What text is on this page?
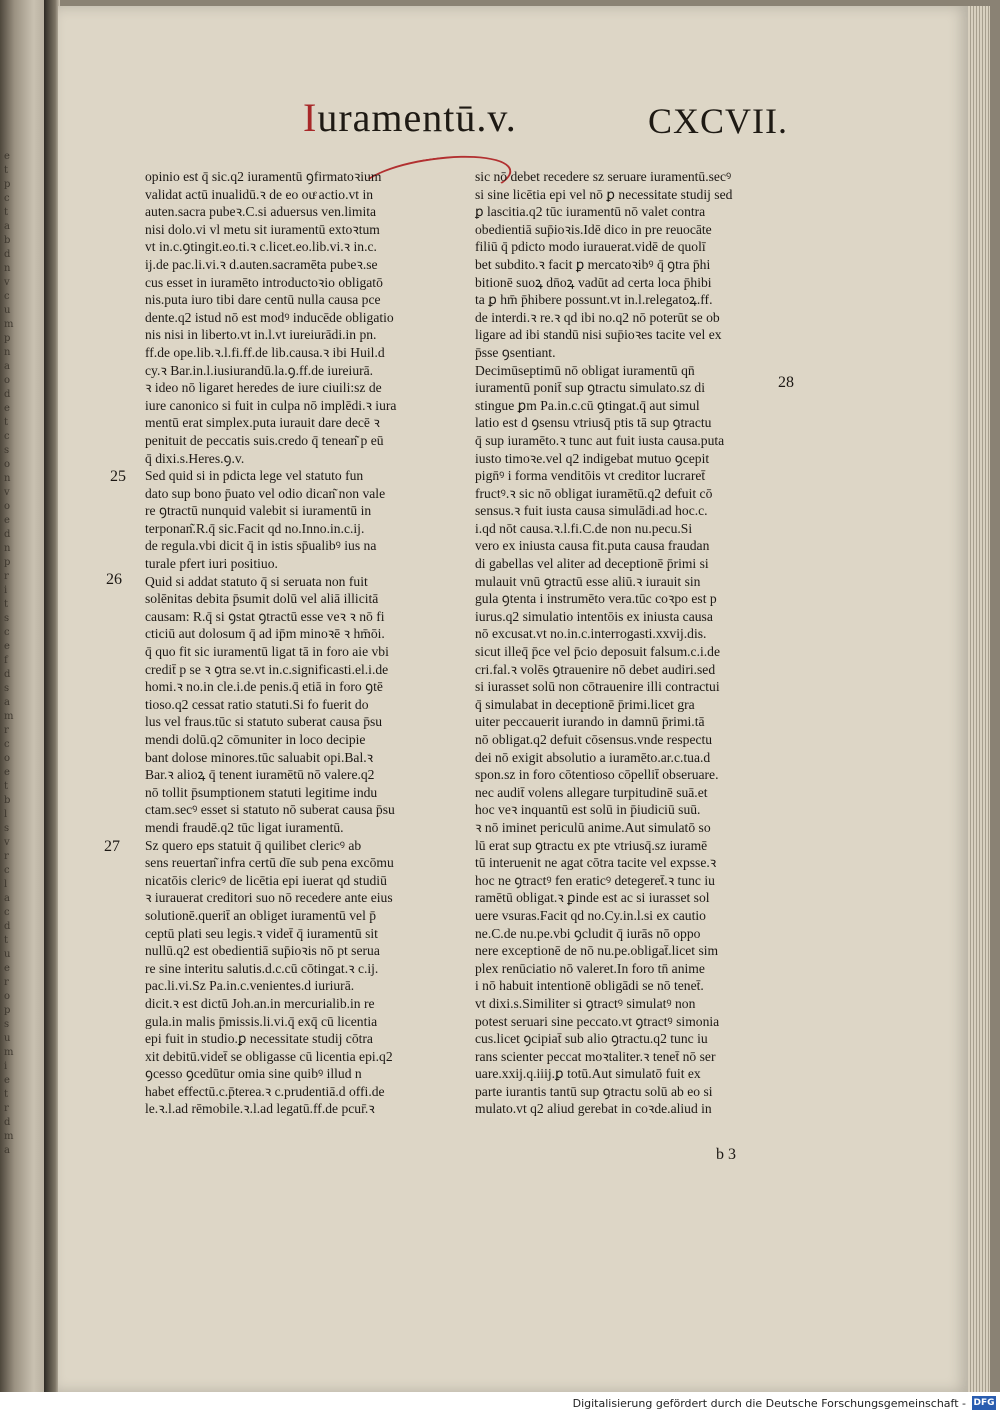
e
t
p
c
t
a
b
d
n
v
c
u
m
p
n
a
o
d
e
t
c
s
o
n
v
o
e
d
n
p
r
i
t
s
c
e
f
d
s
a
m
r
c
o
e
t
b
l
s
v
r
c
l
a
c
d
t
u
e
r
o
p
s
u
m
i
e
t
r
d
m
a
Iuramentū.v.	CXCVII.

opinio est q̄ sic.q2 iuramentū ꝯfirmatoꝛium
validat actū inualidū.ꝛ de eo ouͤ actio.vt in
auten.sacra pubeꝛ.C.si aduersus ven.limita
nisi dolo.vi vl metu sit iuramentū extoꝛtum
vt in.c.ꝯtingit.eo.ti.ꝛ c.licet.eo.lib.vi.ꝛ in.c.
ij.de pac.li.vi.ꝛ d.auten.sacramēta pubeꝛ.se
cus esset in iuramēto introductoꝛio obligatō
nis.puta iuro tibi dare centū nulla causa pce
dente.q2 istud nō est modꝰ inducēde obligatio
nis nisi in liberto.vt in.l.vt iureiurādi.in pn.
ff.de ope.lib.ꝛ.l.fi.ff.de lib.causa.ꝛ ibi Huil.d
cy.ꝛ Bar.in.l.iusiurandū.la.ꝯ.ff.de iureiurā.
ꝛ ideo nō ligaret heredes de iure ciuili:sz de
iure canonico si fuit in culpa nō implēdi.ꝛ iura
mentū erat simplex.puta iurauit dare decē ꝛ
penituit de peccatis suis.credo q̄ tenean͂ p eū
q̄ dixi.s.Heres.ꝯ.v.

Sed quid si in pdicta lege vel statuto fun
dato sup bono p̄uato vel odio dican͂ non vale
re ꝯtractū nunquid valebit si iuramentū in
terponan͂.R.q̄ sic.Facit qd no.Inno.in.c.ij.
de regula.vbi dicit q̄ in istis sp̄ualibꝰ ius na
turale pfert iuri positiuo.

Quid si addat statuto q̄ si seruata non fuit
solēnitas debita p̄sumit dolū vel aliā illicitā
causam: R.q̄ si ꝯstat ꝯtractū esse veꝛ ꝛ nō fi
cticiū aut dolosum q̄ ad ip̄m minoꝛē ꝛ hm̄ōi.
q̄ quo fit sic iuramentū ligat tā in foro aie vbi
credit̄ p se ꝛ ꝯtra se.vt in.c.significasti.el.i.de
homi.ꝛ no.in cle.i.de penis.q̄ etiā in foro ꝯtē
tioso.q2 cessat ratio statuti.Si fo fuerit do
lus vel fraus.tūc si statuto suberat causa p̄su
mendi dolū.q2 cōmuniter in loco decipie
bant dolose minores.tūc saluabit opi.Bal.ꝛ
Bar.ꝛ alioꝝ q̄ tenent iuramētū nō valere.q2
nō tollit p̄sumptionem statuti legitime indu
ctam.secꝰ esset si statuto nō suberat causa p̄su
mendi fraudē.q2 tūc ligat iuramentū.

Sz quero eps statuit q̄ quilibet clericꝰ ab
sens reuertan͂ infra certū dīe sub pena excōmu
nicatōis clericꝰ de licētia epi iuerat qd studiū
ꝛ iurauerat creditori suo nō recedere ante eius
solutionē.querit̄ an obliget iuramentū vel p̄
ceptū plati seu legis.ꝛ videt̄ q̄ iuramentū sit
nullū.q2 est obedientiā sup̄ioꝛis nō pt serua
re sine interitu salutis.d.c.cū cōtingat.ꝛ c.ij.
pac.li.vi.Sz Pa.in.c.venientes.d iuriurā.
dicit.ꝛ est dictū Joh.an.in mercurialib.in re
gula.in malis p̄missis.li.vi.q̄ exq̄ cū licentia
epi fuit in studio.ꝑ necessitate studij cōtra
xit debitū.videt̄ se obligasse cū licentia epi.q2
ꝯcesso ꝯcedūtur omia sine quibꝰ illud n
habet effectū.c.p̄terea.ꝛ c.prudentiā.d offi.de
le.ꝛ.l.ad rēmobile.ꝛ.l.ad legatū.ff.de pcur̄.ꝛ

sic nō debet recedere sz seruare iuramentū.secꝰ
si sine licētia epi vel nō ꝑ necessitate studij sed
ꝑ lascitia.q2 tūc iuramentū nō valet contra
obedientiā sup̄ioꝛis.Idē dico in pre reuocāte
filiū q̄ pdicto modo iurauerat.vidē de quolī
bet subdito.ꝛ facit ꝑ mercatoꝛibꝰ q̄ ꝯtra p̄hi
bitionē suoꝝ dn̄oꝝ vadūt ad certa loca p̄hibi
ta ꝑ hm̄ p̄hibere possunt.vt in.l.relegatoꝝ.ff.
de interdi.ꝛ re.ꝛ qd ibi no.q2 nō poterūt se ob
ligare ad ibi standū nisi sup̄ioꝛes tacite vel ex
p̄sse ꝯsentiant.

Decimūseptimū nō obligat iuramentū qn̄
iuramentū ponit̄ sup ꝯtractu simulato.sz di
stingue ꝑm Pa.in.c.cū ꝯtingat.q̄ aut simul
latio est d ꝯsensu vtriusq̄ ptis tā sup ꝯtractu
q̄ sup iuramēto.ꝛ tunc aut fuit iusta causa.puta
iusto timoꝛe.vel q2 indigebat mutuo ꝯcepit
pign̄ꝰ i forma venditōis vt creditor lucraret̄
fructꝰ.ꝛ sic nō obligat iuramētū.q2 defuit cō
sensus.ꝛ fuit iusta causa simulādi.ad hoc.c.
i.qd nōt causa.ꝛ.l.fi.C.de non nu.pecu.Si
vero ex iniusta causa fit.puta causa fraudan
di gabellas vel aliter ad deceptionē p̄rimi si
mulauit vnū ꝯtractū esse aliū.ꝛ iurauit sin
gula ꝯtenta i instrumēto vera.tūc coꝛpo est p
iurus.q2 simulatio intentōis ex iniusta causa
nō excusat.vt no.in.c.interrogasti.xxvij.dis.
sicut illeq̄ p̄ce vel p̄cio deposuit falsum.c.i.de
cri.fal.ꝛ volēs ꝯtrauenire nō debet audiri.sed
si iurasset solū non cōtrauenire illi contractui
q̄ simulabat in deceptionē p̄rimi.licet gra
uiter peccauerit iurando in damnū p̄rimi.tā
nō obligat.q2 defuit cōsensus.vnde respectu
dei nō exigit absolutio a iuramēto.ar.c.tua.d
spon.sz in foro cōtentioso cōpellit̄ obseruare.
nec audit̄ volens allegare turpitudinē suā.et
hoc veꝛ inquantū est solū in p̄iudiciū suū.
ꝛ nō iminet periculū anime.Aut simulatō so
lū erat sup ꝯtractu ex pte vtriusq̄.sz iuramē
tū interuenit ne agat cōtra tacite vel expsse.ꝛ
hoc ne ꝯtractꝰ fen eraticꝰ detegeret̄.ꝛ tunc iu
ramētū obligat.ꝛ ꝑinde est ac si iurasset sol
uere vsuras.Facit qd no.Cy.in.l.si ex cautio
ne.C.de nu.pe.vbi ꝯcludit q̄ iurās nō oppo
nere exceptionē de nō nu.pe.obligat̄.licet sim
plex renūciatio nō valeret.In foro tn̄ anime
i nō habuit intentionē obligādi se nō tenet̄.
vt dixi.s.Similiter si ꝯtractꝰ simulatꝰ non
potest seruari sine peccato.vt ꝯtractꝰ simonia
cus.licet ꝯcipiat̄ sub alio ꝯtractu.q2 tunc iu
rans scienter peccat moꝛtaliter.ꝛ tenet̄ nō ser
uare.xxij.q.iiij.ꝑ totū.Aut simulatō fuit ex
parte iurantis tantū sup ꝯtractu solū ab eo si
mulato.vt q2 aliud gerebat in coꝛde.aliud in

25
26
27
28
b 3
Digitalisierung gefördert durch die Deutsche Forschungsgemeinschaft - DFG
